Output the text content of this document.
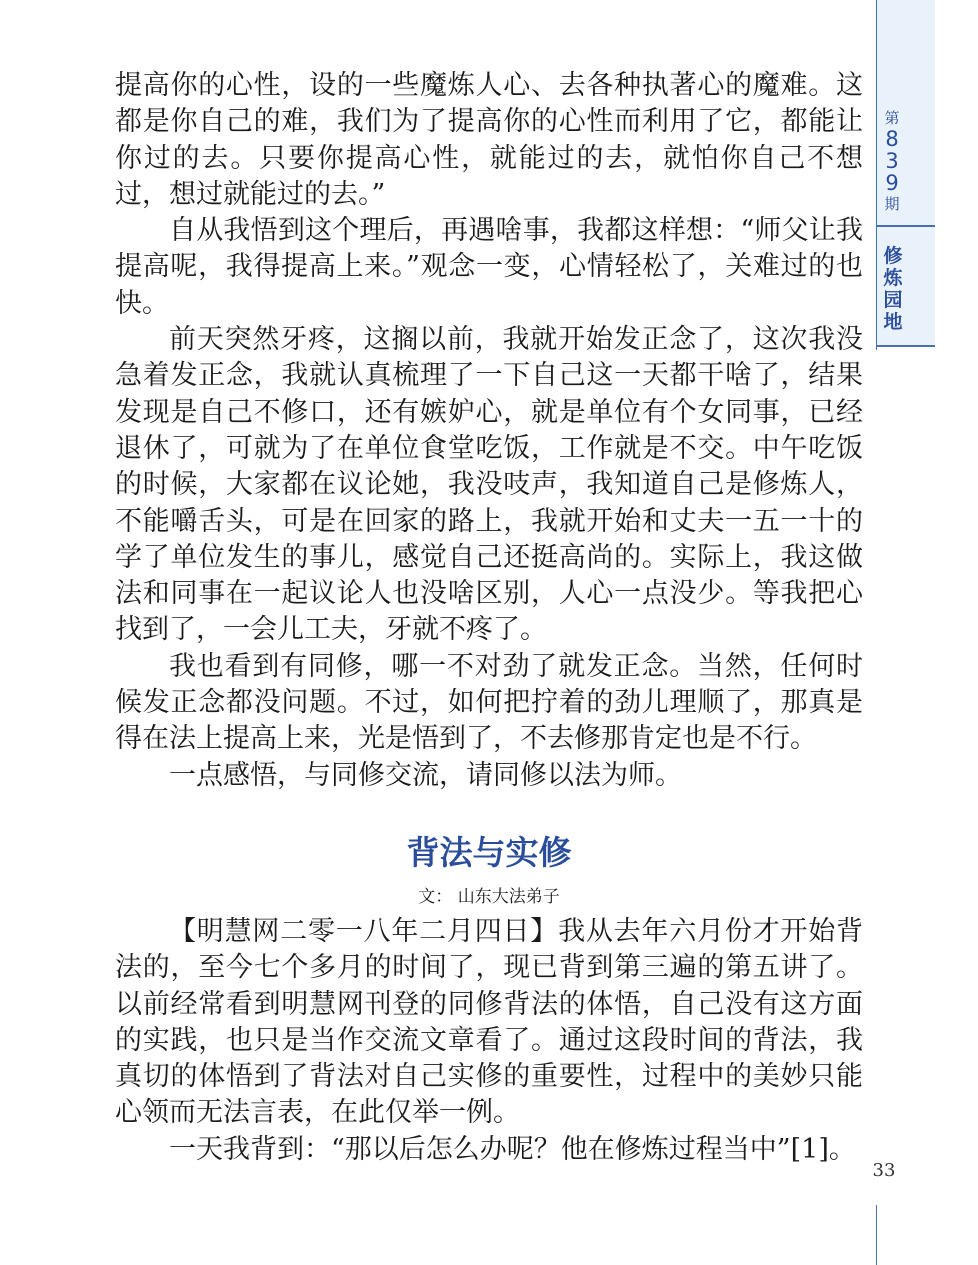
第
839
期
修炼园地

提高你的心性，设的一些魔炼人心、去各种执著心的魔难。这都是你自己的难，我们为了提高你的心性而利用了它，都能让你过的去。只要你提高心性，就能过的去，就怕你自己不想过，想过就能过的去。”

自从我悟到这个理后，再遇啥事，我都这样想：“师父让我提高呢，我得提高上来。”观念一变，心情轻松了，关难过的也快。

前天突然牙疼，这搁以前，我就开始发正念了，这次我没急着发正念，我就认真梳理了一下自己这一天都干啥了，结果发现是自己不修口，还有嫉妒心，就是单位有个女同事，已经退休了，可就为了在单位食堂吃饭，工作就是不交。中午吃饭的时候，大家都在议论她，我没吱声，我知道自己是修炼人，不能嚼舌头，可是在回家的路上，我就开始和丈夫一五一十的学了单位发生的事儿，感觉自己还挺高尚的。实际上，我这做法和同事在一起议论人也没啥区别，人心一点没少。等我把心找到了，一会儿工夫，牙就不疼了。

我也看到有同修，哪一不对劲了就发正念。当然，任何时候发正念都没问题。不过，如何把拧着的劲儿理顺了，那真是得在法上提高上来，光是悟到了，不去修那肯定也是不行。

一点感悟，与同修交流，请同修以法为师。

背法与实修
文： 山东大法弟子

【明慧网二零一八年二月四日】我从去年六月份才开始背法的，至今七个多月的时间了，现已背到第三遍的第五讲了。以前经常看到明慧网刊登的同修背法的体悟，自己没有这方面的实践，也只是当作交流文章看了。通过这段时间的背法，我真切的体悟到了背法对自己实修的重要性，过程中的美妙只能心领而无法言表，在此仅举一例。

一天我背到：“那以后怎么办呢？他在修炼过程当中”[1]。

33
